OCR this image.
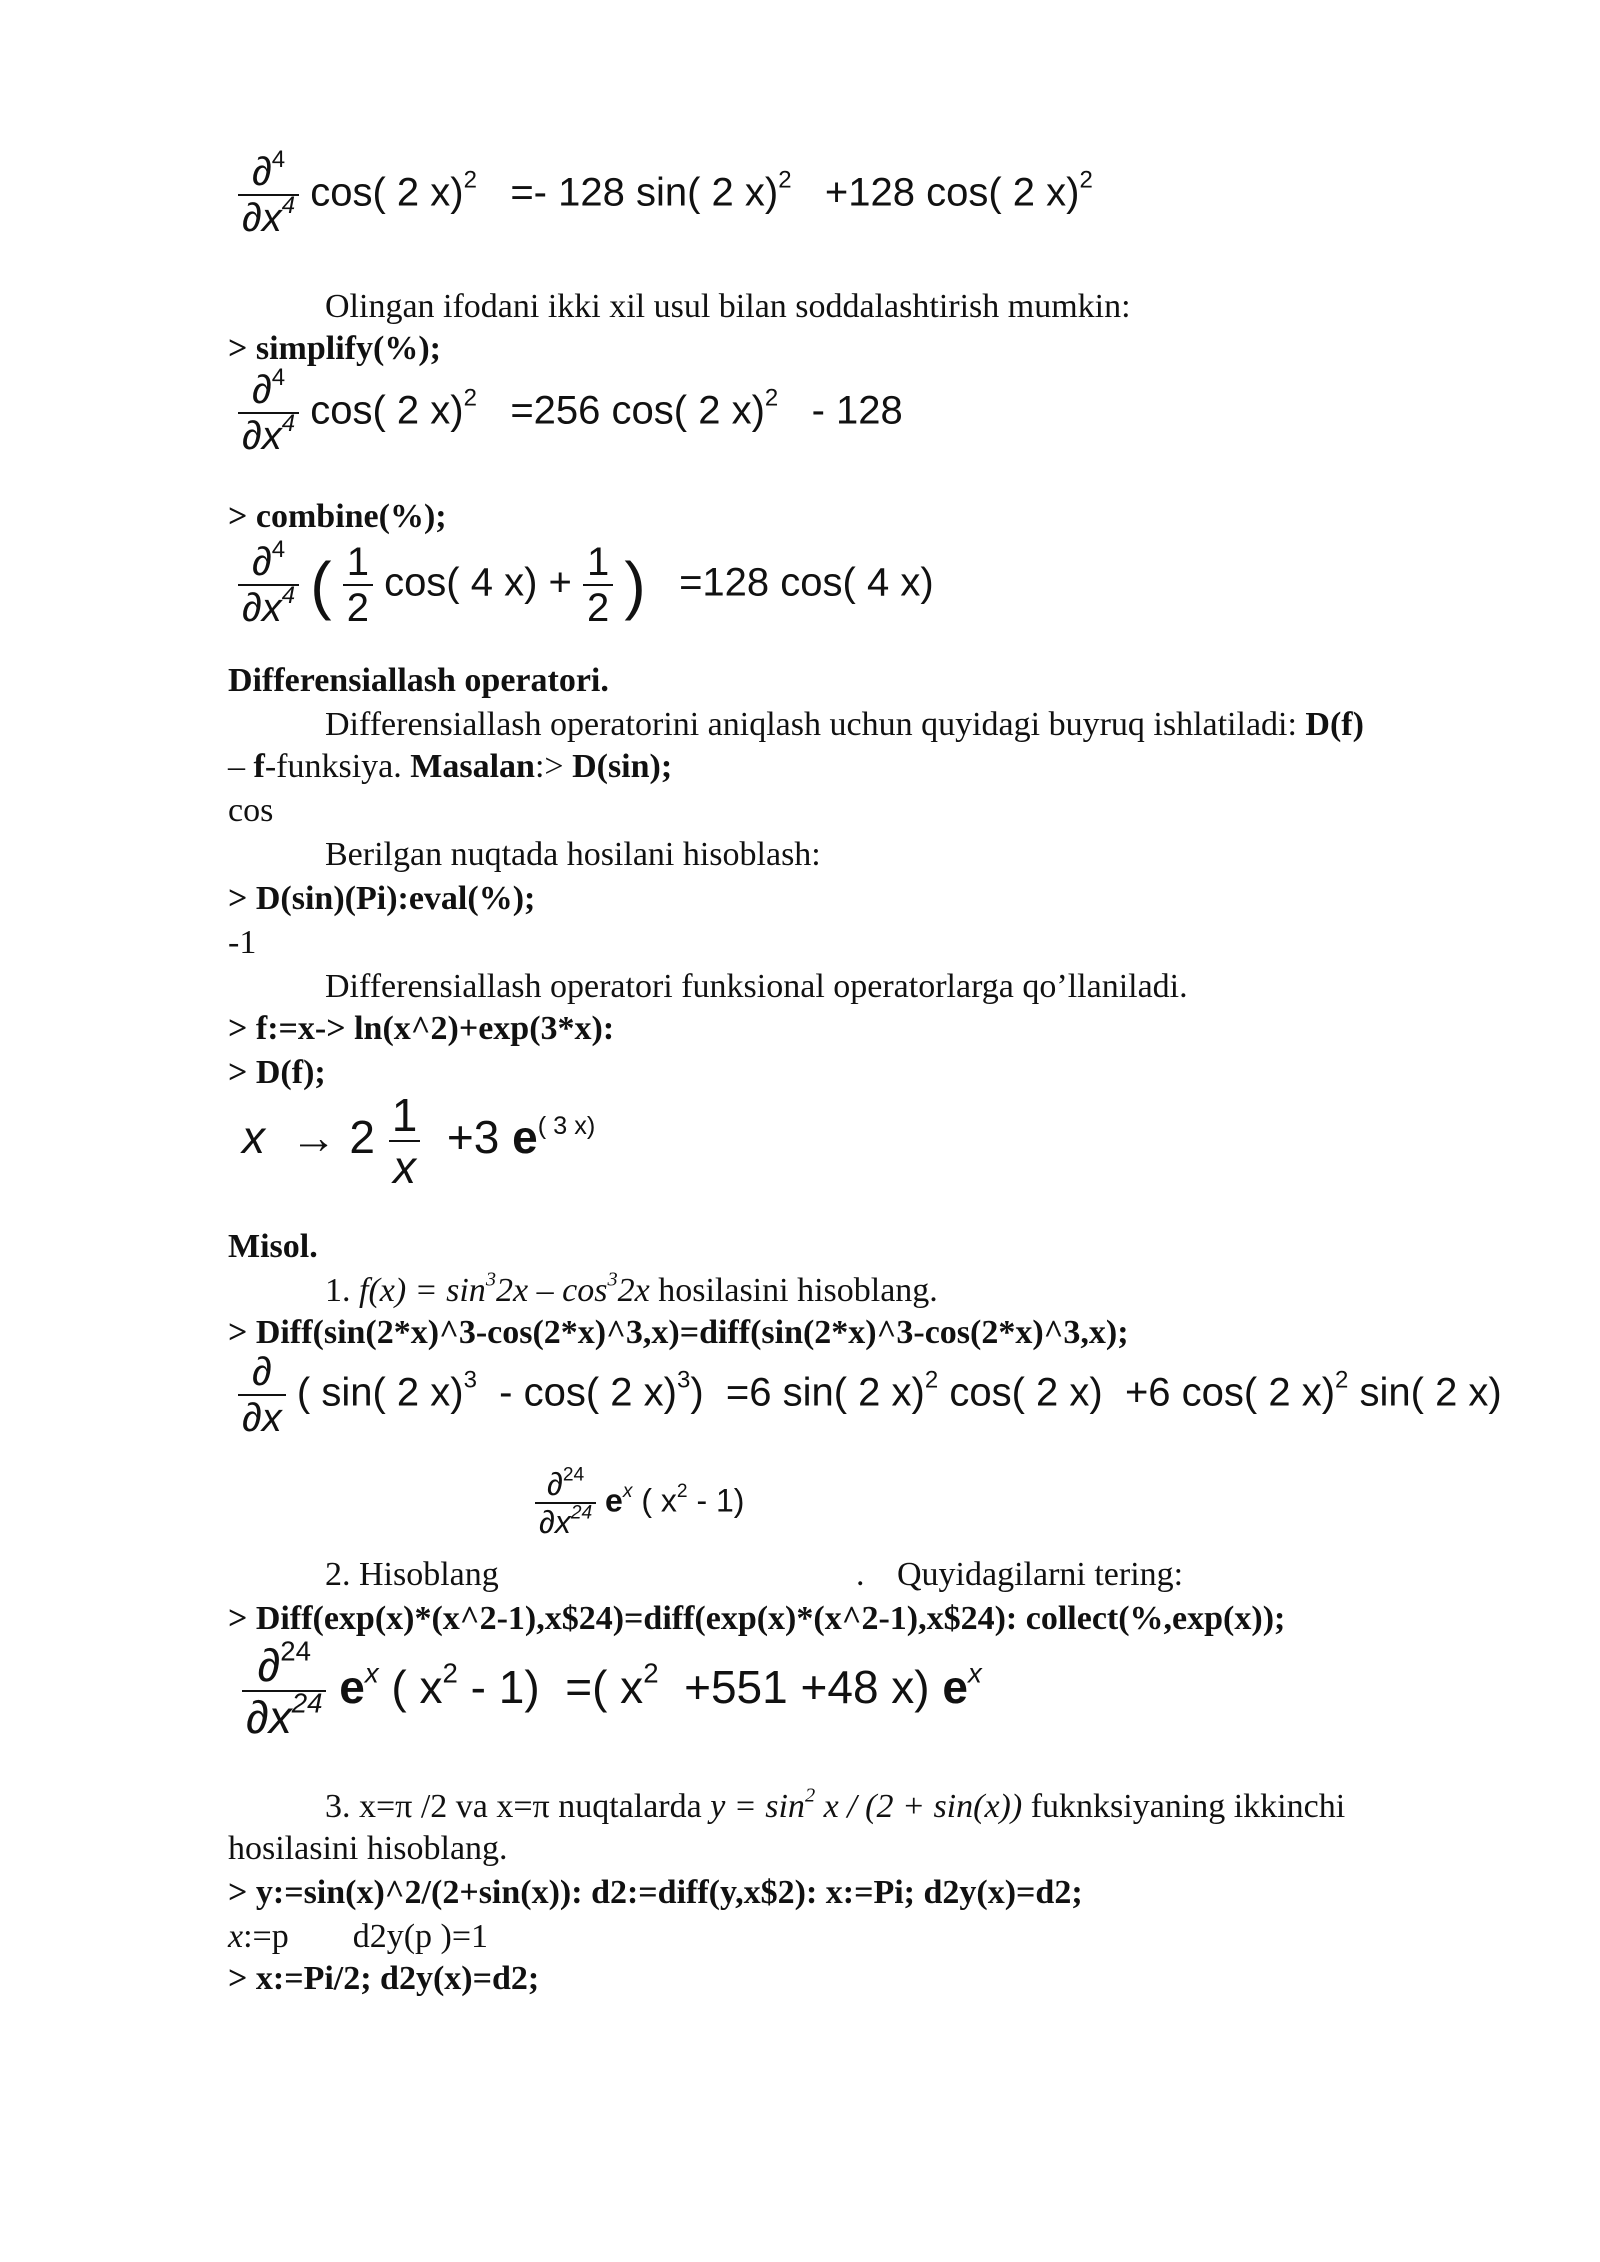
$\frac{\partial^4}{\partial x^4} \cos$( 2 x)$^2$ =- 128 sin( 2 x)$^2$ +128 cos( 2 x)$^2$
Olingan ifodani ikki xil usul bilan soddalashtirish mumkin:
> simplify(%);
$\frac{\partial^4}{\partial x^4} \cos$( 2 x)$^2$ =256 cos( 2 x)$^2$ - 128
> combine(%);
$\frac{\partial^4}{\partial x^4}$ ( $\frac{1}{2} \cos$( 4 $x) + \frac{1}{2}$ ) =128 cos( 4 x)
Differensiallash operatori.
Differensiallash operatorini aniqlash uchun quyidagi buyruq ishlatiladi: D(f)
– f-funksiya. Masalan:> D(sin);
cos
Berilgan nuqtada hosilani hisoblash:
> D(sin)(Pi):eval(%);
-1
Differensiallash operatori funksional operatorlarga qo’llaniladi.
> f:=x-> ln(x^2)+exp(3*x):
> D(f);
$x \to 2 \frac{1}{x} +3$ $e^{( 3 x)}$
Misol.
1. $f(x) = \sin^32x - \cos^32x$ hosilasini hisoblang.
> Diff(sin(2*x)^3-cos(2*x)^3,x)=diff(sin(2*x)^3-cos(2*x)^3,x);
$\frac{\partial}{\partial x}$ ( sin( 2 x)$^3$ - cos( 2 x)$^3$) =6 sin( 2 x)$^2$ cos( 2 x) +6 cos( 2 x)$^2$ sin( 2 x)
$\frac{\partial^{24}}{\partial x^{24}} e^x$ ( $x^2 - 1$)
2. Hisoblang	. Quyidagilarni tering:
> Diff(exp(x)*(x^2-1),x$24)=diff(exp(x)*(x^2-1),x$24): collect(%,exp(x));
$\frac{\partial^{24}}{\partial x^{24}} e^x$ ( $x^2 - 1$) =( $x^2 +551 +48$ x) $e^x$
3. x=π /2 va x=π nuqtalarda $y = \sin^2 x / (2 + \sin(x))$ fuknksiyaning ikkinchi
hosilasini hisoblang.
> y:=sin(x)^2/(2+sin(x)): d2:=diff(y,x$2): x:=Pi; d2y(x)=d2;
x:=p d2y(p )=1
> x:=Pi/2; d2y(x)=d2;
